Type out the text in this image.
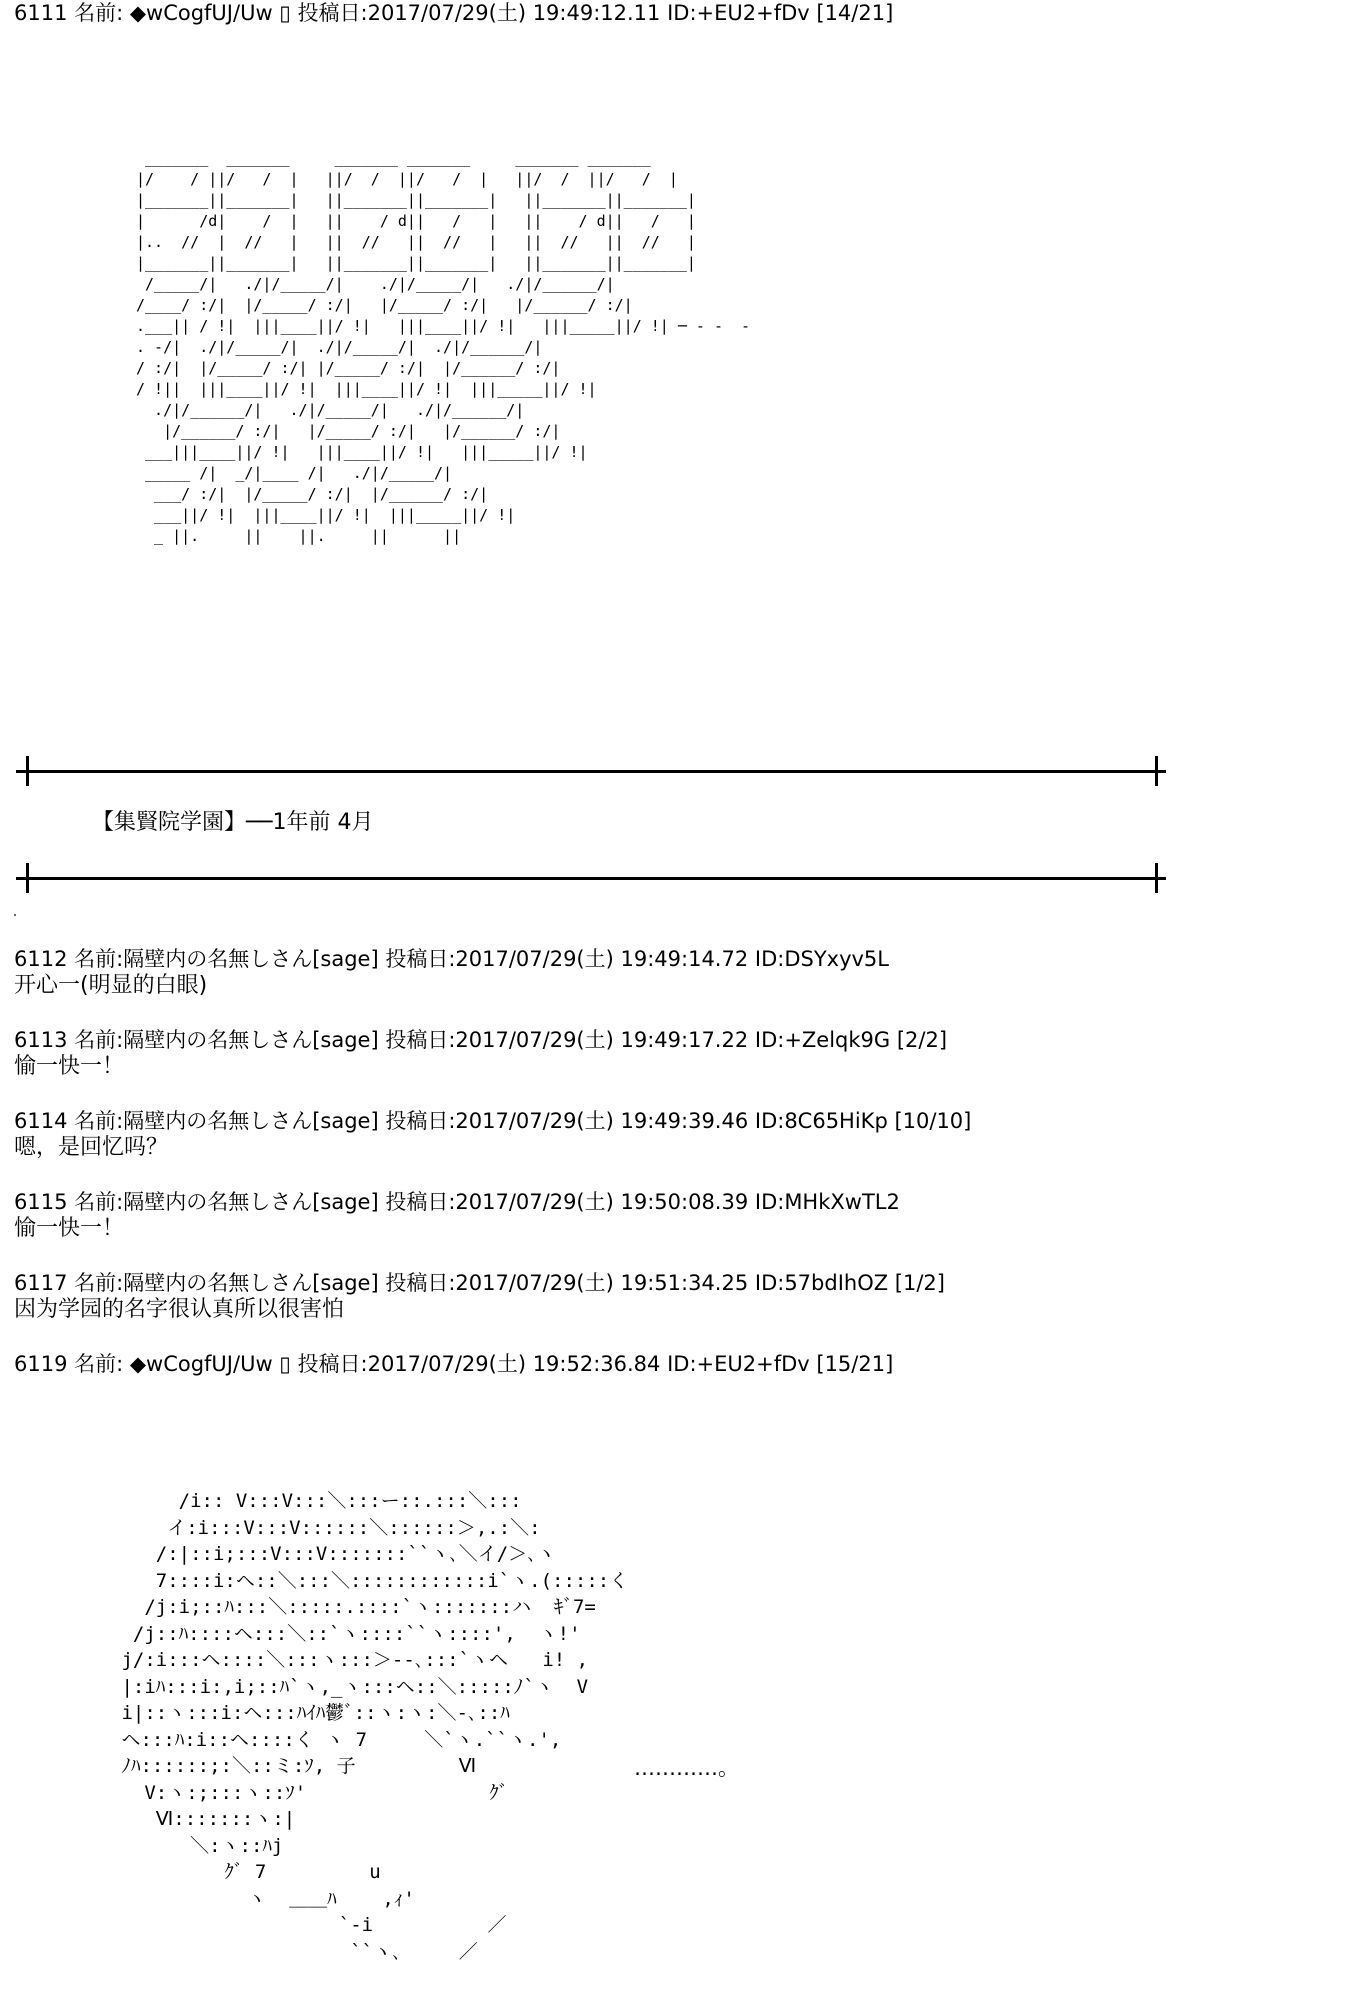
6111 名前: ◆wCogfUJ/Uw ▯ 投稿日:2017/07/29(土) 19:49:12.11 ID:+EU2+fDv [14/21]
_______  _______     _______ _______     _______ _______
|/    / ||/   /  |   ||/  /  ||/   /  |   ||/  /  ||/   /  |
|_______||_______|   ||_______||_______|   ||_______||_______|
|      /d|    /  |   ||    / d||   /   |   ||    / d||   /   |
|..  //  |  //   |   ||  //   ||  //   |   ||  //   ||  //   |
|_______||_______|   ||_______||_______|   ||_______||_______|
/_____/|   ./|/_____/|    ./|/_____/|   ./|/______/|
/____/ :/|  |/_____/ :/|   |/_____/ :/|   |/______/ :/|
.___|| / !|  |||____||/ !|   |||____||/ !|   |||_____||/ !| ─ - -  -
. -/|  ./|/_____/|  ./|/_____/|  ./|/______/|
/ :/|  |/_____/ :/| |/_____/ :/|  |/______/ :/|
/ !||  |||____||/ !|  |||____||/ !|  |||_____||/ !|
./|/______/|   ./|/_____/|   ./|/______/|
|/______/ :/|   |/_____/ :/|   |/______/ :/|
___|||____||/ !|   |||____||/ !|   |||_____||/ !|
_____ /|  _/|____ /|   ./|/_____/|
___/ :/|  |/_____/ :/|  |/______/ :/|
___||/ !|  |||____||/ !|  |||_____||/ !|
_ ||.     ||    ||.     ||      ||
【集賢院学園】──1年前 4月
6112 名前:隔壁内の名無しさん[sage] 投稿日:2017/07/29(土) 19:49:14.72 ID:DSYxyv5L
开心一(明显的白眼)
6113 名前:隔壁内の名無しさん[sage] 投稿日:2017/07/29(土) 19:49:17.22 ID:+Zelqk9G [2/2]
愉一快一！
6114 名前:隔壁内の名無しさん[sage] 投稿日:2017/07/29(土) 19:49:39.46 ID:8C65HiKp [10/10]
嗯，是回忆吗？
6115 名前:隔壁内の名無しさん[sage] 投稿日:2017/07/29(土) 19:50:08.39 ID:MHkXwTL2
愉一快一！
6117 名前:隔壁内の名無しさん[sage] 投稿日:2017/07/29(土) 19:51:34.25 ID:57bdIhOZ [1/2]
因为学园的名字很认真所以很害怕
6119 名前: ◆wCogfUJ/Uw ▯ 投稿日:2017/07/29(土) 19:52:36.84 ID:+EU2+fDv [15/21]
/i:: V:::V:::＼:::ー::.:::＼:::
イ:i:::V:::V::::::＼::::::＞,.:＼:
/:|::i;:::V:::V:::::::``ヽ､＼イ/＞､ヽ
7::::i:ヘ::＼:::＼::::::::::::i`ヽ.(:::::く
/j:i;::ﾊ:::＼:::::.::::`ヽ:::::::ハ  ｷﾞ7=
/j::ﾊ::::ヘ:::＼::`ヽ::::``ヽ::::',  ヽ!'
j/:i:::ヘ::::＼:::ヽ:::＞--､:::`ヽヘ   i! ,
|:iﾊ:::i:,i;::ﾊ`ヽ,_ヽ:::ヘ::＼:::::ﾉ`ヽ  V
i|::ヽ:::i:ヘ:::ﾊｲﾊ鬱ﾞ::ヽ:ヽ:＼-､::ﾊ
ヘ:::ﾊ:i::ヘ::::く ヽ 7     ＼`ヽ.``ヽ.',
ﾉﾊ::::::;:＼::ミ:ｿ, 子         Ⅵ
V:ヽ:;:::ヽ::ｿ'                ｸﾞ
Ⅵ:::::::ヽ:|
＼:ヽ::ﾊj
ｸﾞ 7         u
ヽ  ＿＿ﾊ    ,ｨ'
`-i          ／
``ヽ､     ／
…………。
